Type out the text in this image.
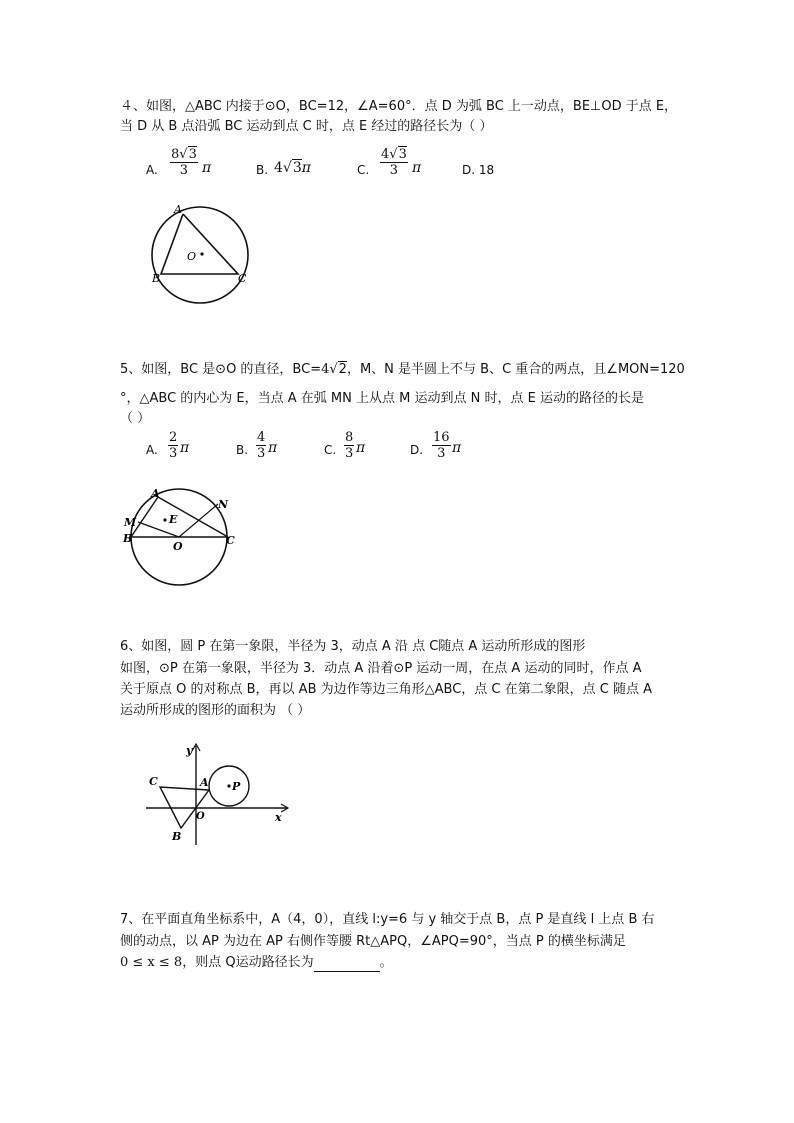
４、如图，△ABC 内接于⊙O，BC=12，∠A=60°．点 D 为弧 BC 上一动点，BE⊥OD 于点 E，
当 D 从 B 点沿弧 BC 运动到点 C 时，点 E 经过的路径长为（ ）
A. $\frac{8√3}{3}$ π	B. 4√3π	C. $\frac{4√3}{3}$ π	D. 18
A
O
B	C
5、如图，BC 是⊙O 的直径，BC=4√2，M、N 是半圆上不与 B、C 重合的两点，且∠MON=120
°，△ABC 的内心为 E，当点 A 在弧 MN 上从点 M 运动到点 N 时，点 E 运动的路径的长是
（ ）
A. $\frac{2}{3}$ π	B. $\frac{4}{3}$ π	C. $\frac{8}{3}$ π	D. $\frac{16}{3}$ π
A
N
M	E
B
O	C
6、如图，圆 P 在第一象限，半径为 3，动点 A 沿 点 C随点 A 运动所形成的图形
如图，⊙P 在第一象限，半径为 3．动点 A 沿着⊙P 运动一周，在点 A 运动的同时，作点 A
关于原点 O 的对称点 B，再以 AB 为边作等边三角形△ABC，点 C 在第二象限，点 C 随点 A
运动所形成的图形的面积为 （ ）
y
C	A P
O	x
B
7、在平面直角坐标系中，A（4，0），直线 l:y=6 与 y 轴交于点 B，点 P 是直线 l 上点 B 右
侧的动点，以 AP 为边在 AP 右侧作等腰 Rt△APQ，∠APQ=90°，当点 P 的横坐标满足
0 ≤ x ≤ 8，则点 Q运动路径长为	。
